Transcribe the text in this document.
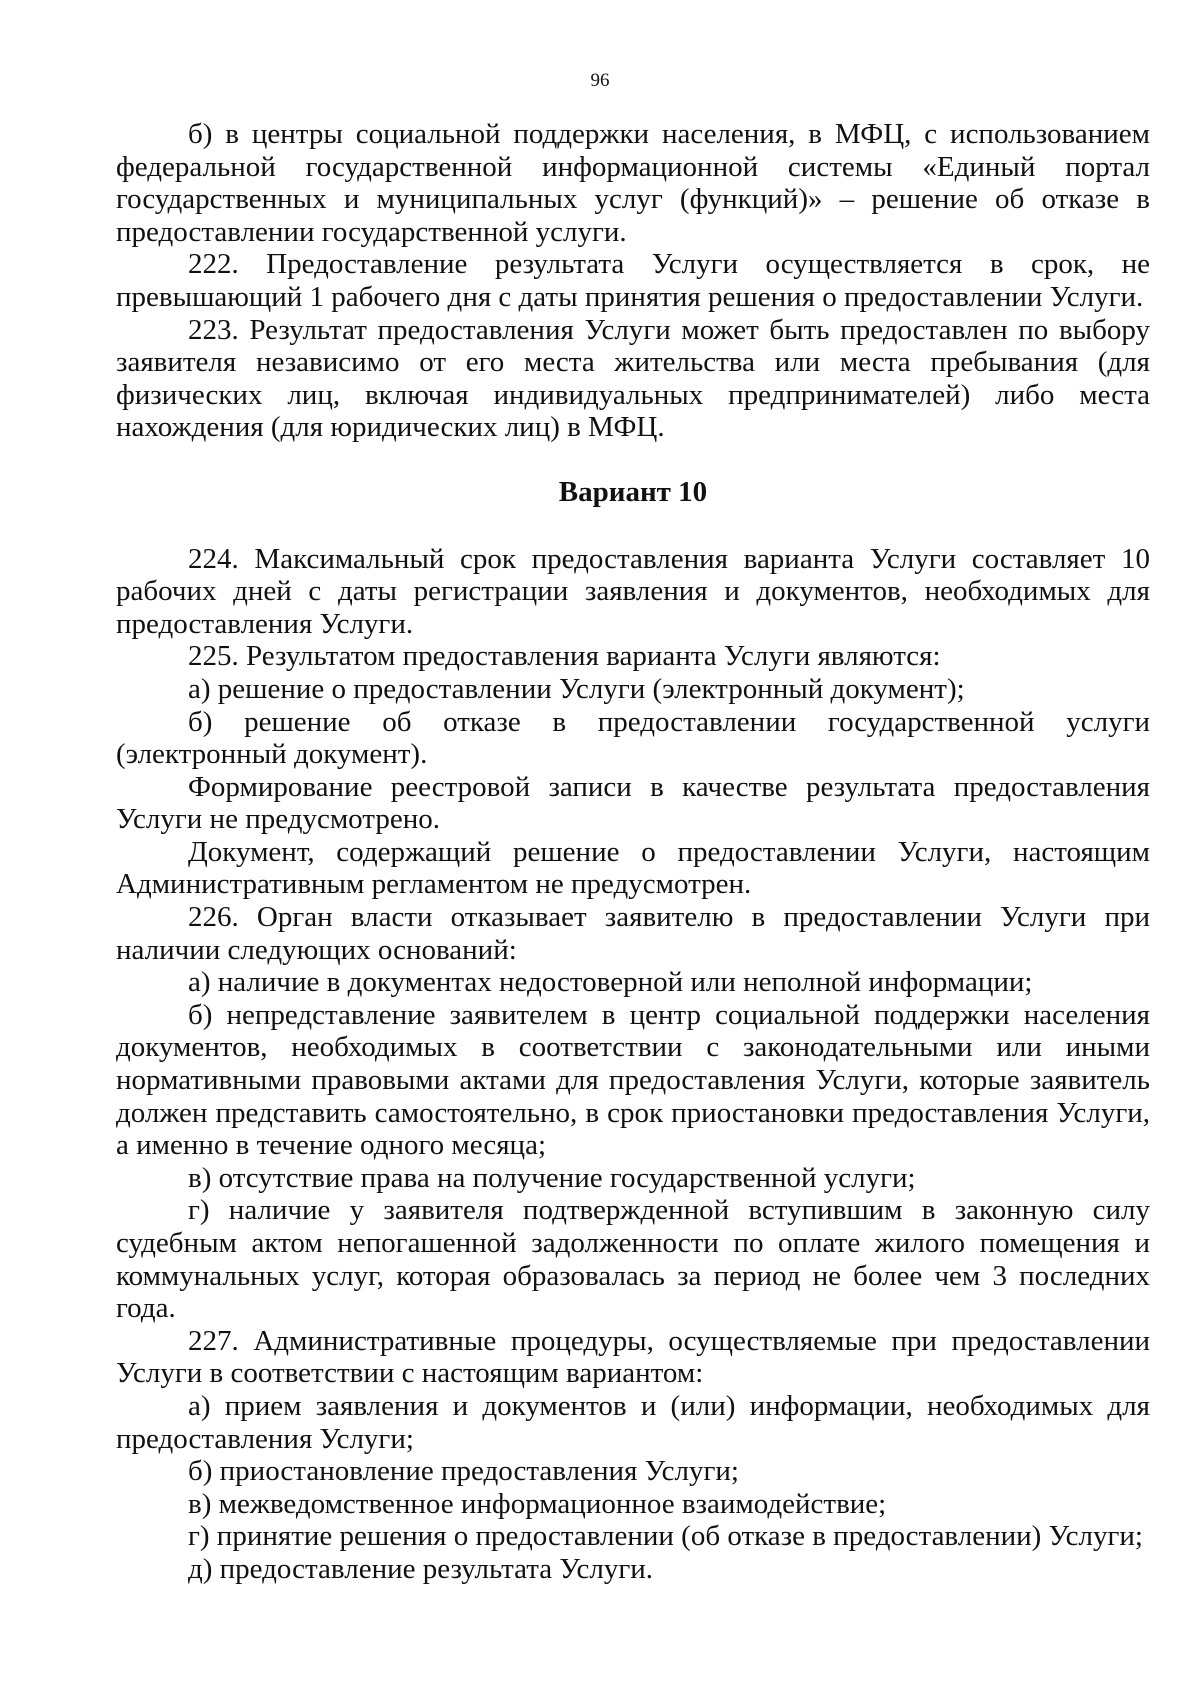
96

б) в центры социальной поддержки населения, в МФЦ, с использованием федеральной государственной информационной системы «Единый портал государственных и муниципальных услуг (функций)» – решение об отказе в предоставлении государственной услуги.

222. Предоставление результата Услуги осуществляется в срок, не превышающий 1 рабочего дня с даты принятия решения о предоставлении Услуги.

223. Результат предоставления Услуги может быть предоставлен по выбору заявителя независимо от его места жительства или места пребывания (для физических лиц, включая индивидуальных предпринимателей) либо места нахождения (для юридических лиц) в МФЦ.

Вариант 10

224. Максимальный срок предоставления варианта Услуги составляет 10 рабочих дней с даты регистрации заявления и документов, необходимых для предоставления Услуги.

225. Результатом предоставления варианта Услуги являются:

а) решение о предоставлении Услуги (электронный документ);

б) решение об отказе в предоставлении государственной услуги (электронный документ).

Формирование реестровой записи в качестве результата предоставления Услуги не предусмотрено.

Документ, содержащий решение о предоставлении Услуги, настоящим Административным регламентом не предусмотрен.

226. Орган власти отказывает заявителю в предоставлении Услуги при наличии следующих оснований:

а) наличие в документах недостоверной или неполной информации;

б) непредставление заявителем в центр социальной поддержки населения документов, необходимых в соответствии с законодательными или иными нормативными правовыми актами для предоставления Услуги, которые заявитель должен представить самостоятельно, в срок приостановки предоставления Услуги, а именно в течение одного месяца;

в) отсутствие права на получение государственной услуги;

г) наличие у заявителя подтвержденной вступившим в законную силу судебным актом непогашенной задолженности по оплате жилого помещения и коммунальных услуг, которая образовалась за период не более чем 3 последних года.

227. Административные процедуры, осуществляемые при предоставлении Услуги в соответствии с настоящим вариантом:

а) прием заявления и документов и (или) информации, необходимых для предоставления Услуги;

б) приостановление предоставления Услуги;

в) межведомственное информационное взаимодействие;

г) принятие решения о предоставлении (об отказе в предоставлении) Услуги;

д) предоставление результата Услуги.
